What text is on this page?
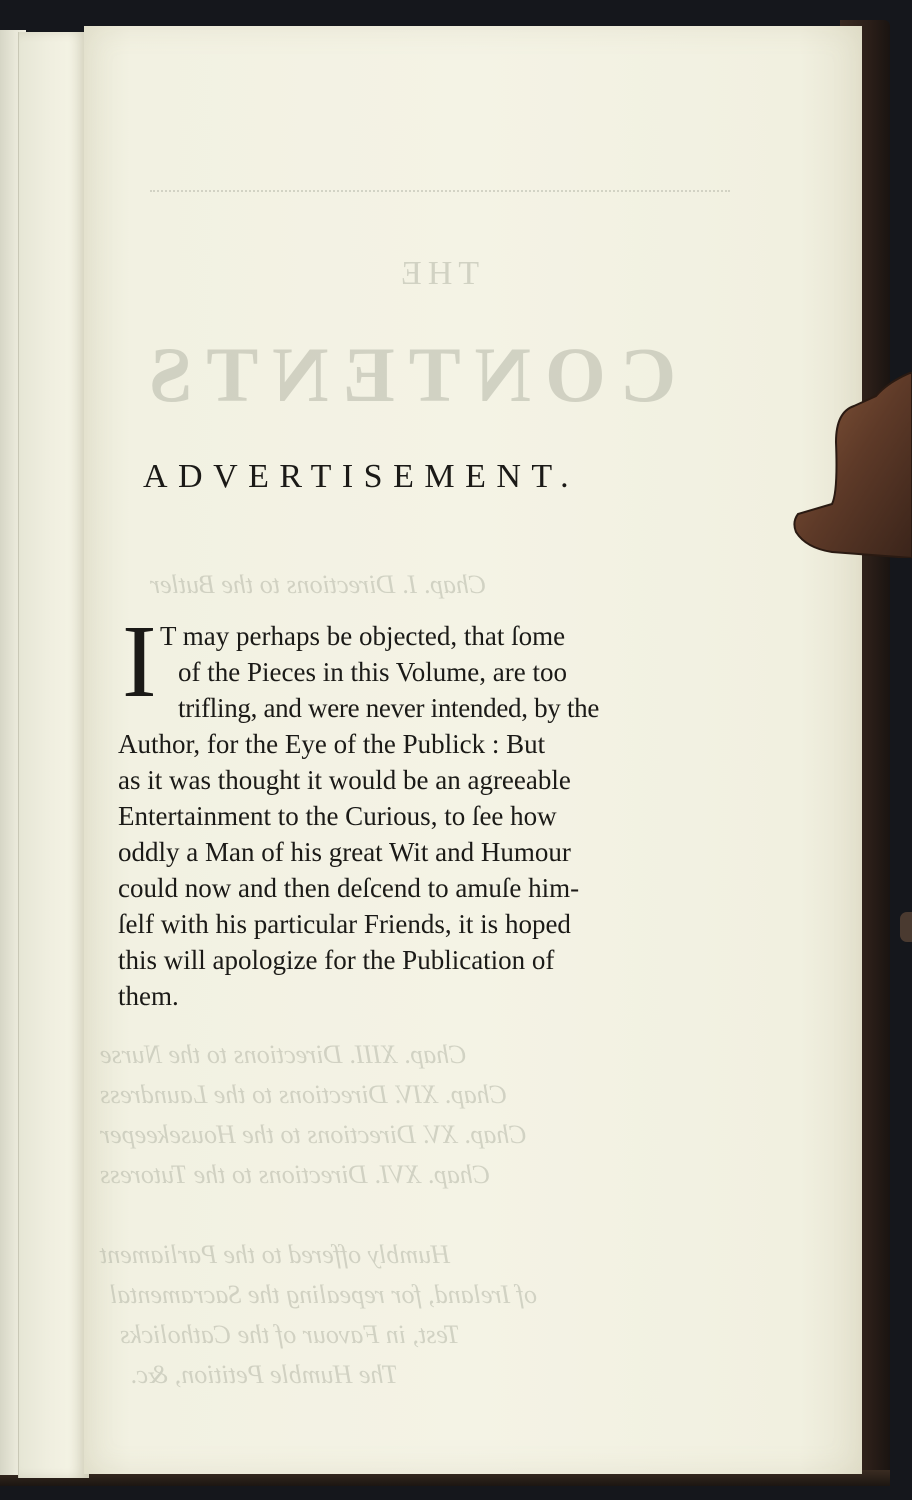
THE
CONTENTS
Chap. I. Directions to the Butler
Chap. XIII. Directions to the Nurse
Chap. XIV. Directions to the Laundress
Chap. XV. Directions to the Housekeeper
Chap. XVI. Directions to the Tutoress
Humbly offered to the Parliament
of Ireland, for repealing the Sacramental
Test, in Favour of the Catholicks
The Humble Petition, &c.
ADVERTISEMENT.
I T may perhaps be objected, that ſome

of the Pieces in this Volume, are too

trifling, and were never intended, by the

Author, for the Eye of the Publick : But

as it was thought it would be an agreeable

Entertainment to the Curious, to ſee how

oddly a Man of his great Wit and Humour

could now and then deſcend to amuſe him-

ſelf with his particular Friends, it is hoped

this will apologize for the Publication of

them.
